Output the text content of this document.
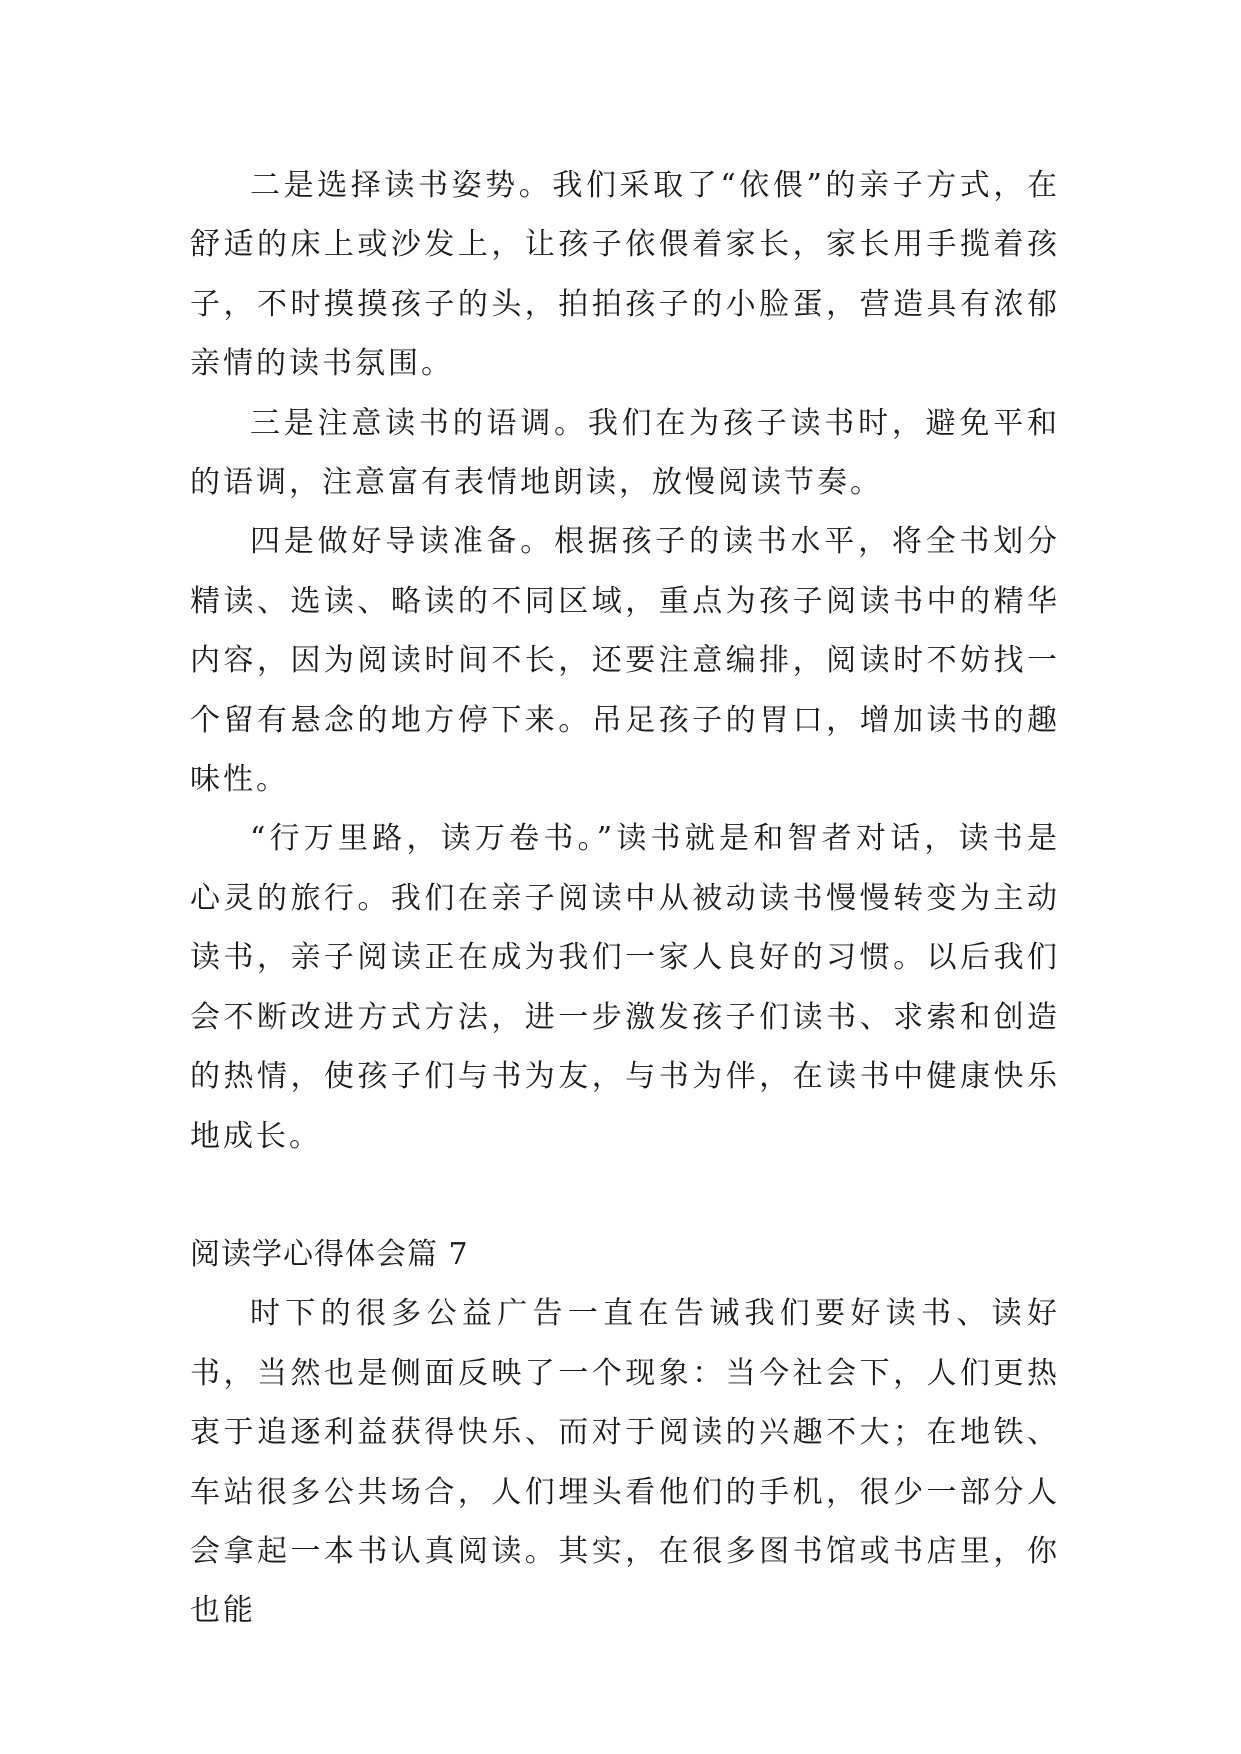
二是选择读书姿势。我们采取了“依偎”的亲子方式，在舒适的床上或沙发上，让孩子依偎着家长，家长用手揽着孩子，不时摸摸孩子的头，拍拍孩子的小脸蛋，营造具有浓郁亲情的读书氛围。

三是注意读书的语调。我们在为孩子读书时，避免平和的语调，注意富有表情地朗读，放慢阅读节奏。

四是做好导读准备。根据孩子的读书水平，将全书划分精读、选读、略读的不同区域，重点为孩子阅读书中的精华内容，因为阅读时间不长，还要注意编排，阅读时不妨找一个留有悬念的地方停下来。吊足孩子的胃口，增加读书的趣味性。

“行万里路，读万卷书。”读书就是和智者对话，读书是心灵的旅行。我们在亲子阅读中从被动读书慢慢转变为主动读书，亲子阅读正在成为我们一家人良好的习惯。以后我们会不断改进方式方法，进一步激发孩子们读书、求索和创造的热情，使孩子们与书为友，与书为伴，在读书中健康快乐地成长。

阅读学心得体会篇 7

时下的很多公益广告一直在告诫我们要好读书、读好书，当然也是侧面反映了一个现象：当今社会下，人们更热衷于追逐利益获得快乐、而对于阅读的兴趣不大；在地铁、车站很多公共场合，人们埋头看他们的手机，很少一部分人会拿起一本书认真阅读。其实，在很多图书馆或书店里，你也能
